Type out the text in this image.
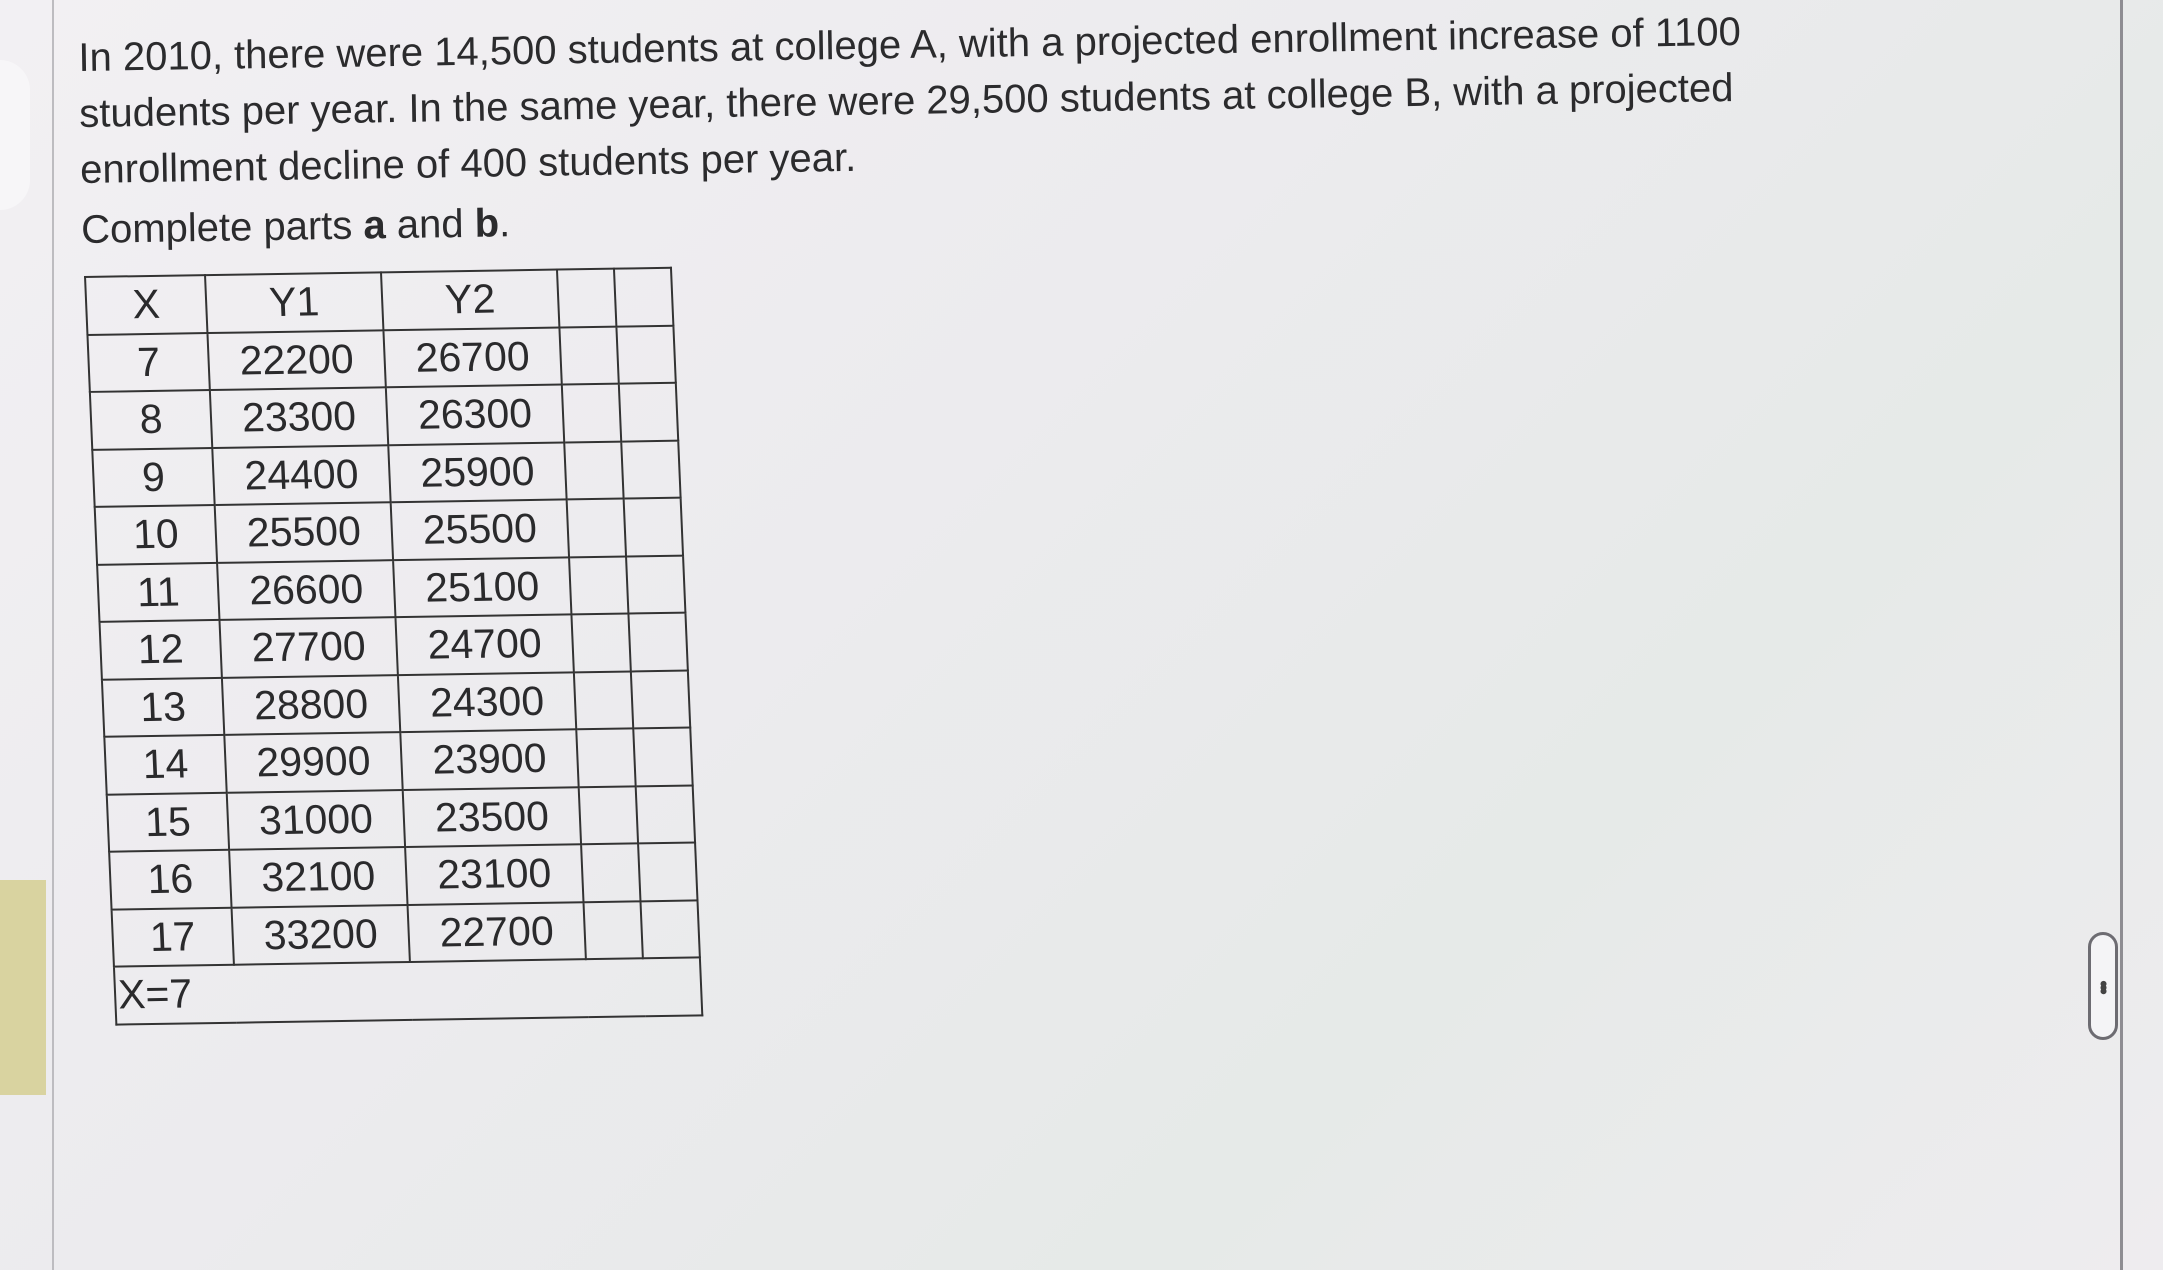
In 2010, there were 14,500 students at college A, with a projected enrollment increase of 1100

students per year. In the same year, there were 29,500 students at college B, with a projected

enrollment decline of 400 students per year.

Complete parts a and b.

X	Y1	Y2		
7	22200	26700		
8	23300	26300		
9	24400	25900		
10	25500	25500		
11	26600	25100		
12	27700	24700		
13	28800	24300		
14	29900	23900		
15	31000	23500		
16	32100	23100		
17	33200	22700		
X=7					•••
